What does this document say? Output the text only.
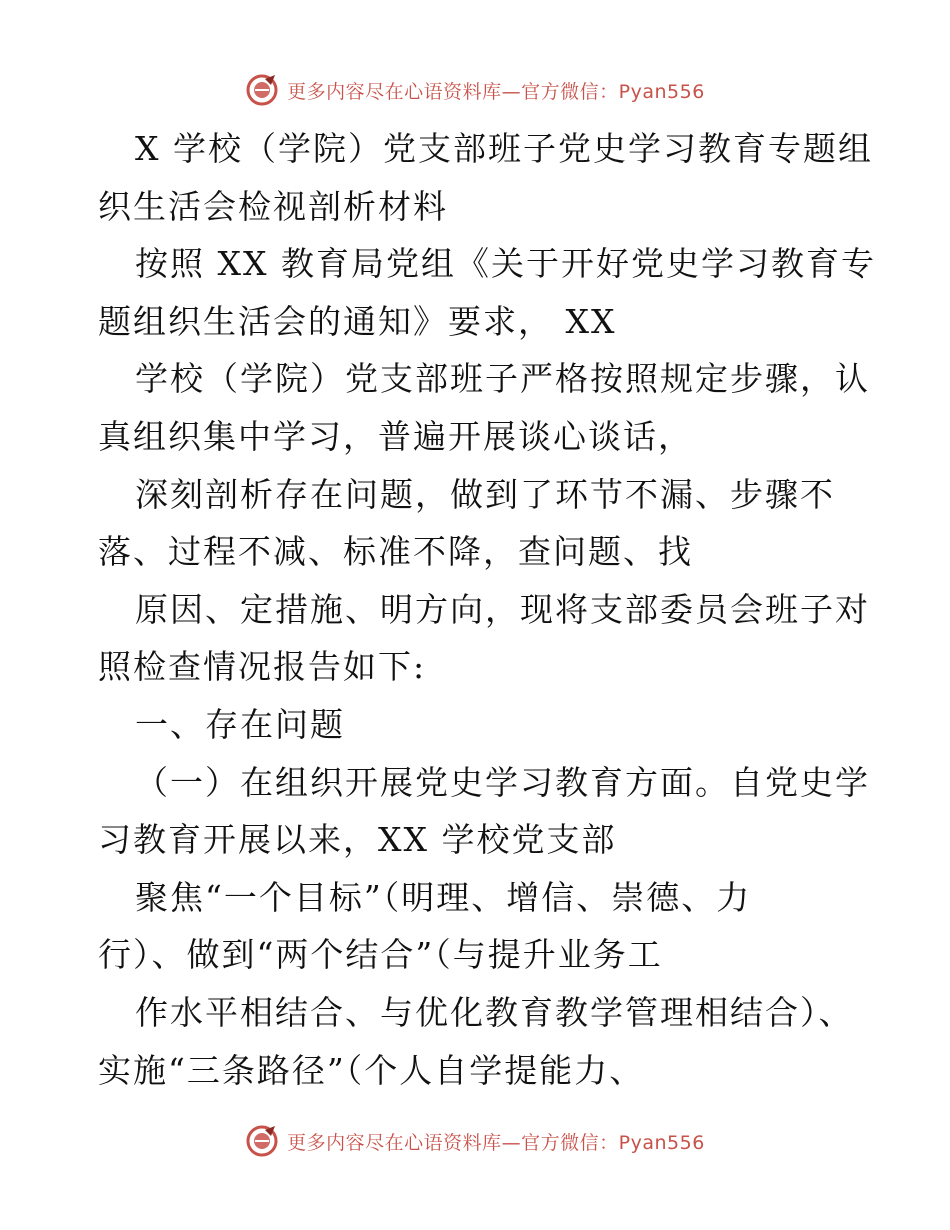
更多内容尽在心语资料库—官方微信：Pyan556

X 学校（学院）党支部班子党史学习教育专题组

织生活会检视剖析材料

按照 XX 教育局党组《关于开好党史学习教育专

题组织生活会的通知》要求， XX

学校（学院）党支部班子严格按照规定步骤，认

真组织集中学习，普遍开展谈心谈话，

深刻剖析存在问题，做到了环节不漏、步骤不

落、过程不减、标准不降，查问题、找

原因、定措施、明方向，现将支部委员会班子对

照检查情况报告如下:

一、存在问题

（一）在组织开展党史学习教育方面。自党史学

习教育开展以来，XX 学校党支部

聚焦“一个目标”（明理、增信、崇德、力

行）、做到“两个结合”（与提升业务工

作水平相结合、与优化教育教学管理相结合）、

实施“三条路径”（个人自学提能力、

更多内容尽在心语资料库—官方微信：Pyan556
